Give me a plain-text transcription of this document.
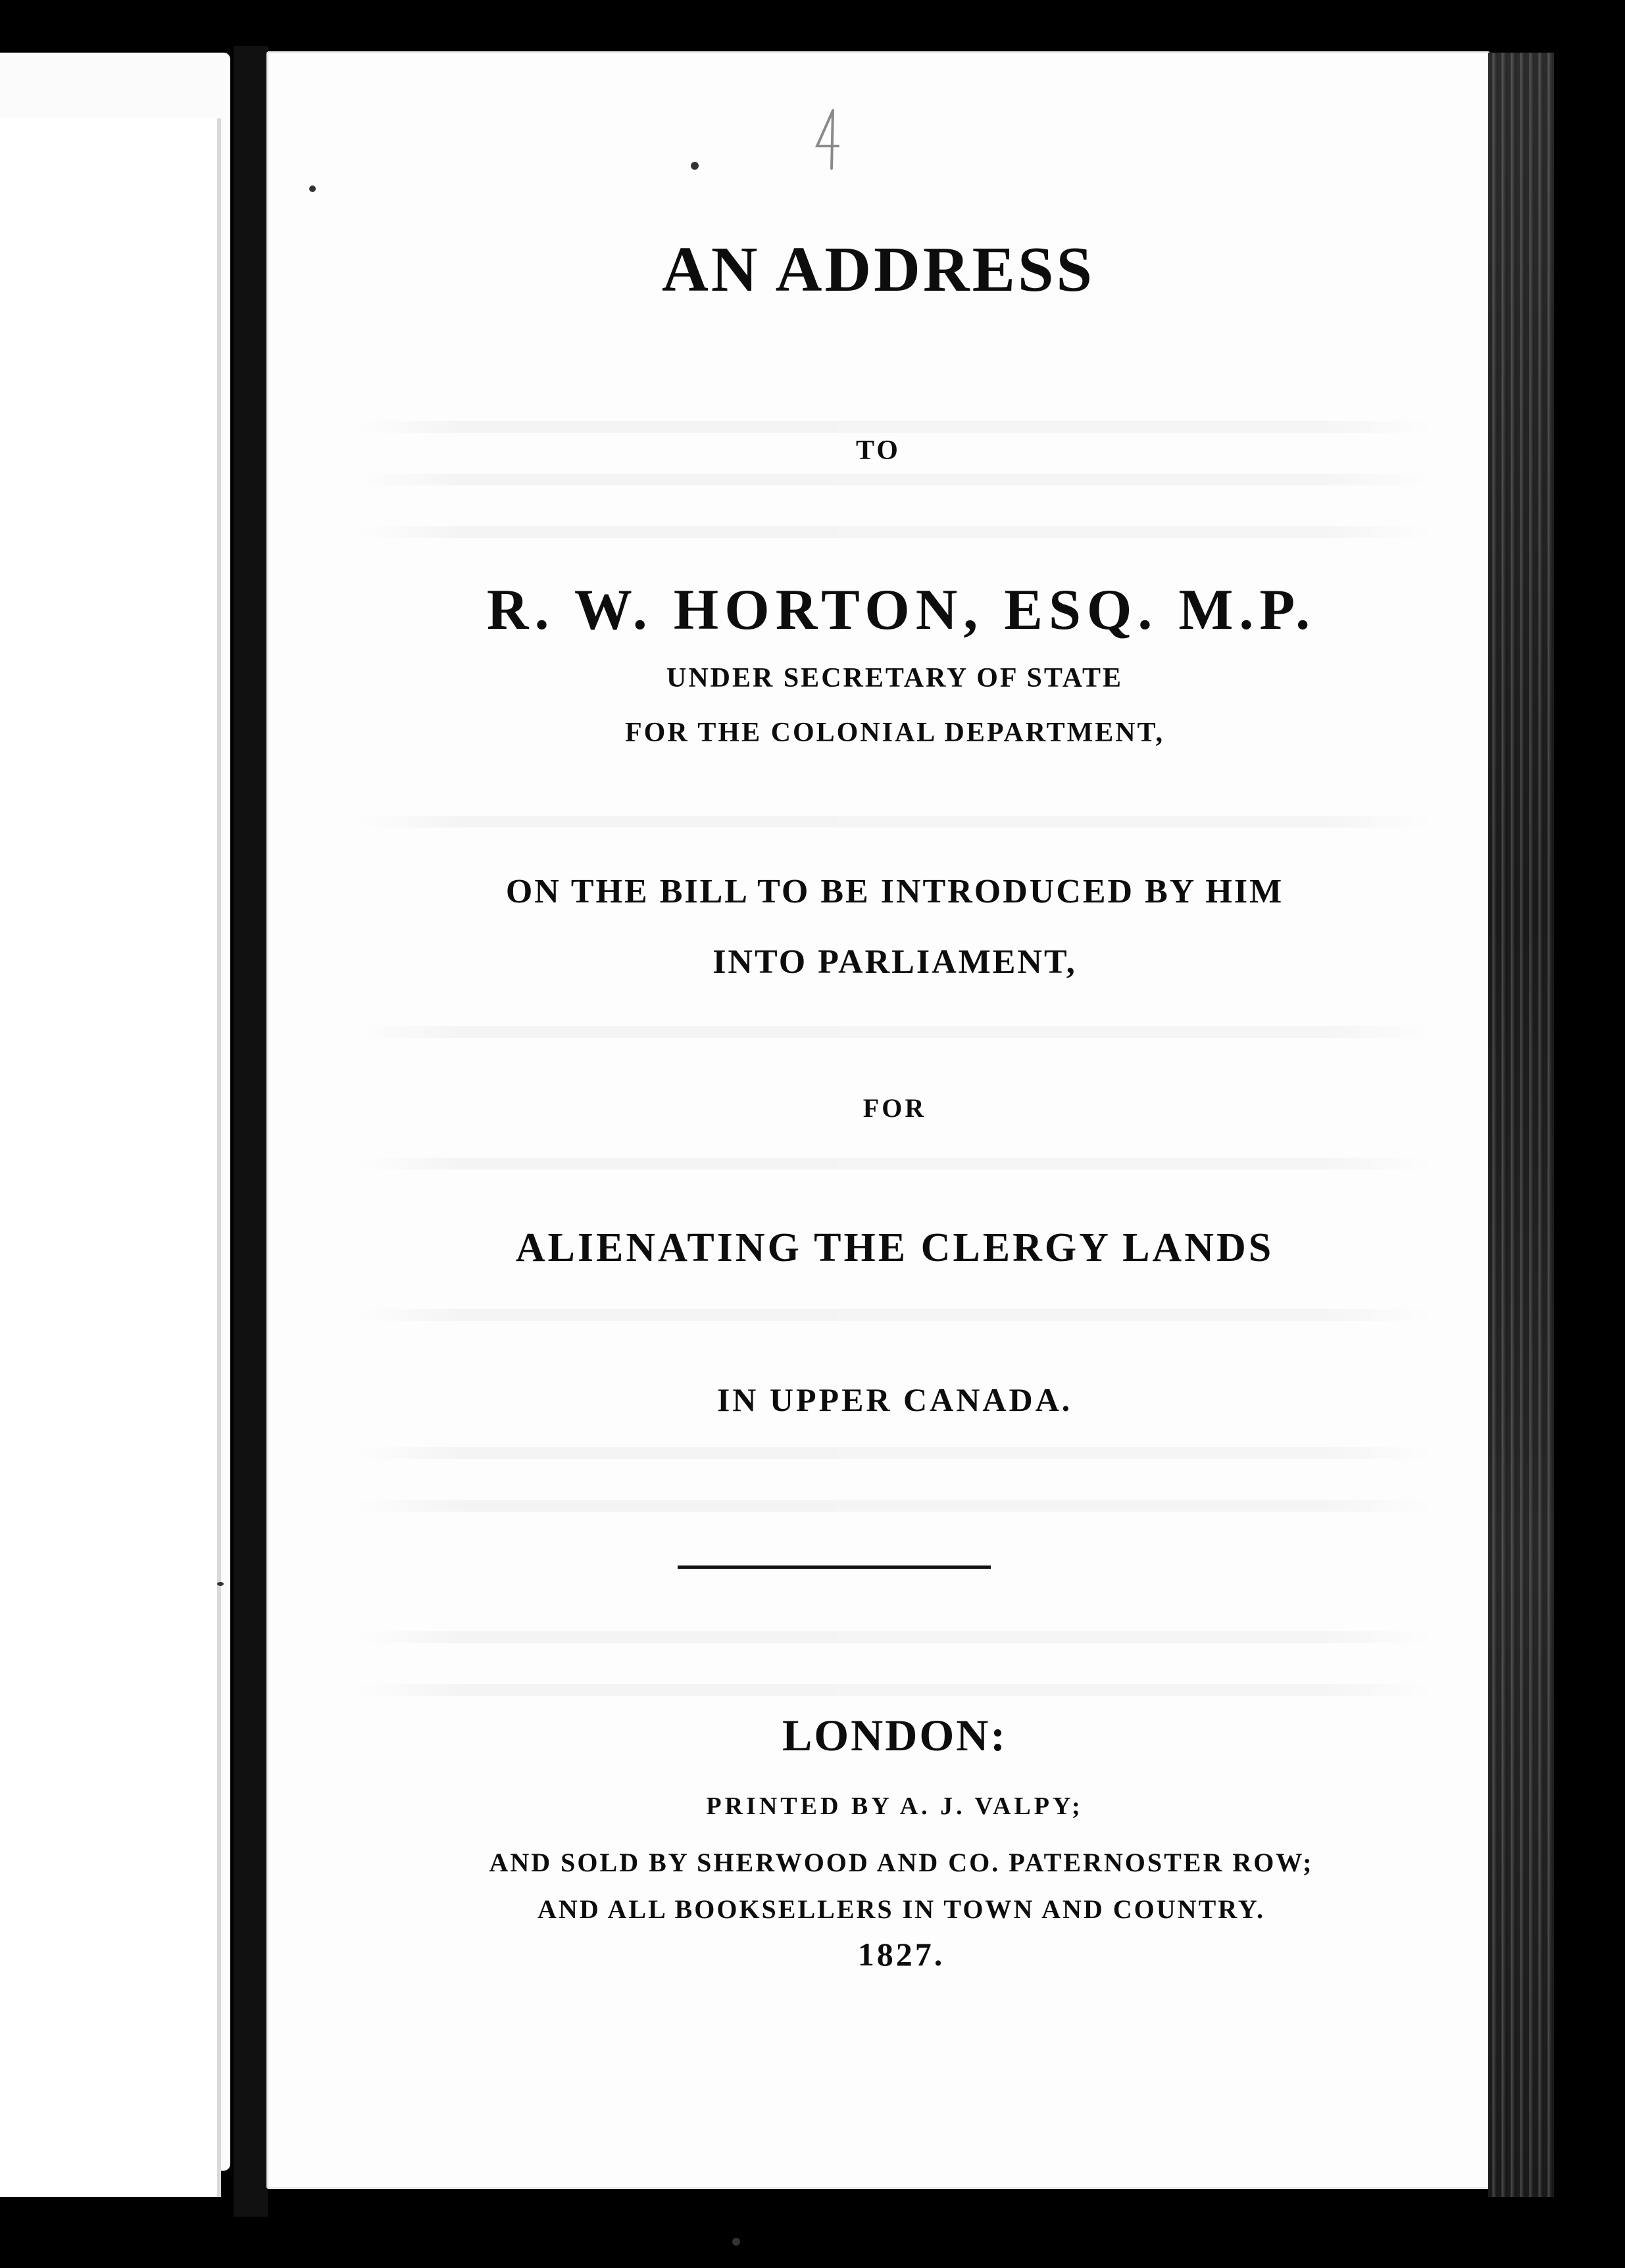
AN ADDRESS
TO
R. W. HORTON, ESQ. M.P.
UNDER SECRETARY OF STATE
FOR THE COLONIAL DEPARTMENT,
ON THE BILL TO BE INTRODUCED BY HIM
INTO PARLIAMENT,
FOR
ALIENATING THE CLERGY LANDS
IN UPPER CANADA.
LONDON:
PRINTED BY A. J. VALPY;
AND SOLD BY SHERWOOD AND CO. PATERNOSTER ROW;
AND ALL BOOKSELLERS IN TOWN AND COUNTRY.
1827.
